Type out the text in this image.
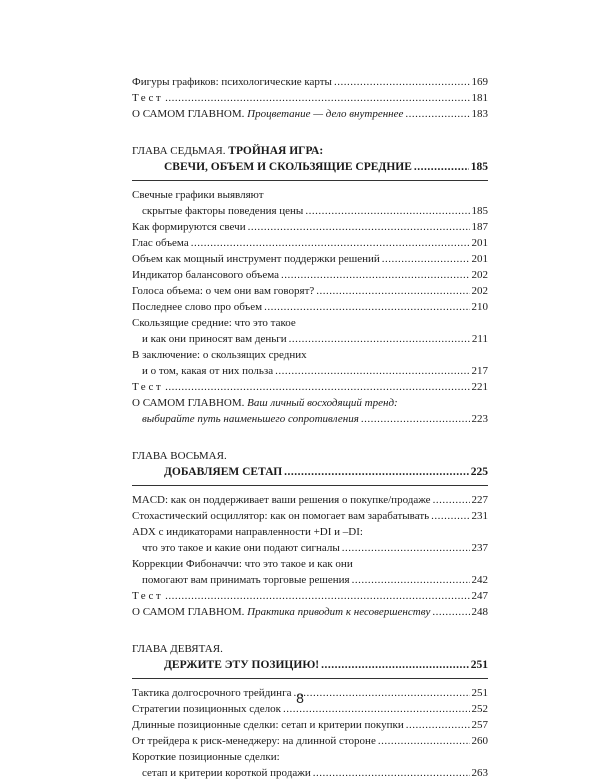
Фигуры графиков: психологические карты .....	169
Тест .....	181
О САМОМ ГЛАВНОМ. Процветание — дело внутреннее .....	183
ГЛАВА СЕДЬМАЯ. ТРОЙНАЯ ИГРА:
СВЕЧИ, ОБЪЕМ И СКОЛЬЗЯЩИЕ СРЕДНИЕ .....	185
Свечные графики выявляют
скрытые факторы поведения цены .....	185
Как формируются свечи .....	187
Глас объема .....	201
Объем как мощный инструмент поддержки решений .....	201
Индикатор балансового объема .....	202
Голоса объема: о чем они вам говорят? .....	202
Последнее слово про объем .....	210
Скользящие средние: что это такое
и как они приносят вам деньги .....	211
В заключение: о скользящих средних
и о том, какая от них польза .....	217
Тест .....	221
О САМОМ ГЛАВНОМ. Ваш личный восходящий тренд:
выбирайте путь наименьшего сопротивления .....	223
ГЛАВА ВОСЬМАЯ.
ДОБАВЛЯЕМ СЕТАП .....	225
MACD: как он поддерживает ваши решения о покупке/продаже .....	227
Стохастический осциллятор: как он помогает вам зарабатывать .....	231
ADX с индикаторами направленности +DI и –DI:
что это такое и какие они подают сигналы .....	237
Коррекции Фибоначчи: что это такое и как они
помогают вам принимать торговые решения .....	242
Тест .....	247
О САМОМ ГЛАВНОМ. Практика приводит к несовершенству .....	248
ГЛАВА ДЕВЯТАЯ.
ДЕРЖИТЕ ЭТУ ПОЗИЦИЮ! .....	251
Тактика долгосрочного трейдинга .....	251
Стратегии позиционных сделок .....	252
Длинные позиционные сделки: сетап и критерии покупки .....	257
От трейдера к риск-менеджеру: на длинной стороне .....	260
Короткие позиционные сделки:
сетап и критерии короткой продажи .....	263
8
